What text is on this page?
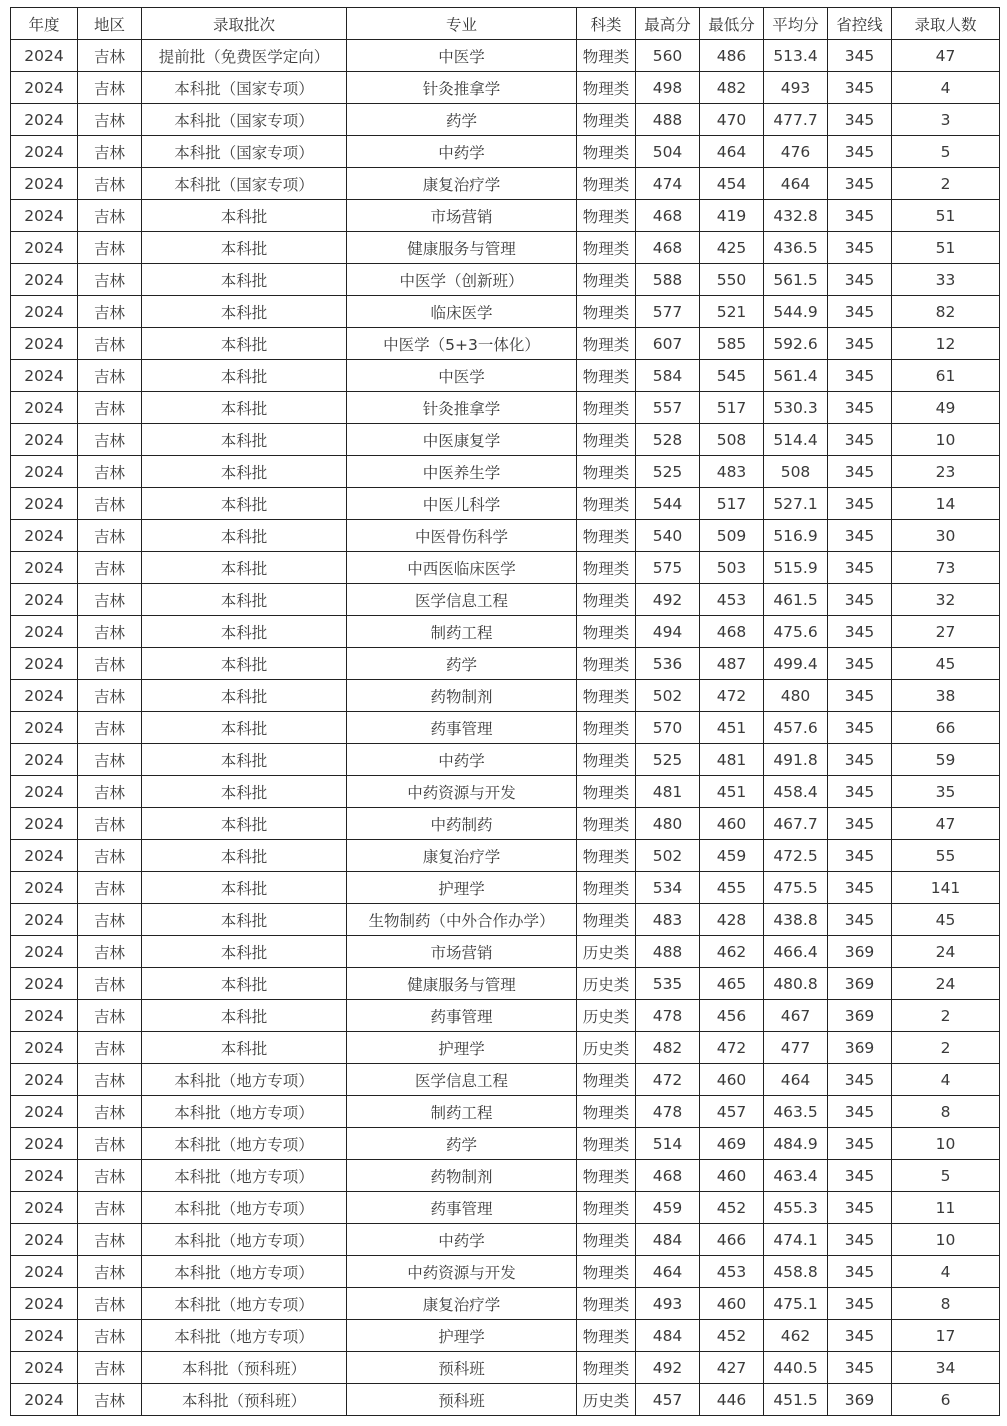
年度	地区	录取批次	专业	科类	最高分	最低分	平均分	省控线	录取人数
2024	吉林	提前批（免费医学定向）	中医学	物理类	560	486	513.4	345	47
2024	吉林	本科批（国家专项）	针灸推拿学	物理类	498	482	493	345	4
2024	吉林	本科批（国家专项）	药学	物理类	488	470	477.7	345	3
2024	吉林	本科批（国家专项）	中药学	物理类	504	464	476	345	5
2024	吉林	本科批（国家专项）	康复治疗学	物理类	474	454	464	345	2
2024	吉林	本科批	市场营销	物理类	468	419	432.8	345	51
2024	吉林	本科批	健康服务与管理	物理类	468	425	436.5	345	51
2024	吉林	本科批	中医学（创新班）	物理类	588	550	561.5	345	33
2024	吉林	本科批	临床医学	物理类	577	521	544.9	345	82
2024	吉林	本科批	中医学（5+3一体化）	物理类	607	585	592.6	345	12
2024	吉林	本科批	中医学	物理类	584	545	561.4	345	61
2024	吉林	本科批	针灸推拿学	物理类	557	517	530.3	345	49
2024	吉林	本科批	中医康复学	物理类	528	508	514.4	345	10
2024	吉林	本科批	中医养生学	物理类	525	483	508	345	23
2024	吉林	本科批	中医儿科学	物理类	544	517	527.1	345	14
2024	吉林	本科批	中医骨伤科学	物理类	540	509	516.9	345	30
2024	吉林	本科批	中西医临床医学	物理类	575	503	515.9	345	73
2024	吉林	本科批	医学信息工程	物理类	492	453	461.5	345	32
2024	吉林	本科批	制药工程	物理类	494	468	475.6	345	27
2024	吉林	本科批	药学	物理类	536	487	499.4	345	45
2024	吉林	本科批	药物制剂	物理类	502	472	480	345	38
2024	吉林	本科批	药事管理	物理类	570	451	457.6	345	66
2024	吉林	本科批	中药学	物理类	525	481	491.8	345	59
2024	吉林	本科批	中药资源与开发	物理类	481	451	458.4	345	35
2024	吉林	本科批	中药制药	物理类	480	460	467.7	345	47
2024	吉林	本科批	康复治疗学	物理类	502	459	472.5	345	55
2024	吉林	本科批	护理学	物理类	534	455	475.5	345	141
2024	吉林	本科批	生物制药（中外合作办学）	物理类	483	428	438.8	345	45
2024	吉林	本科批	市场营销	历史类	488	462	466.4	369	24
2024	吉林	本科批	健康服务与管理	历史类	535	465	480.8	369	24
2024	吉林	本科批	药事管理	历史类	478	456	467	369	2
2024	吉林	本科批	护理学	历史类	482	472	477	369	2
2024	吉林	本科批（地方专项）	医学信息工程	物理类	472	460	464	345	4
2024	吉林	本科批（地方专项）	制药工程	物理类	478	457	463.5	345	8
2024	吉林	本科批（地方专项）	药学	物理类	514	469	484.9	345	10
2024	吉林	本科批（地方专项）	药物制剂	物理类	468	460	463.4	345	5
2024	吉林	本科批（地方专项）	药事管理	物理类	459	452	455.3	345	11
2024	吉林	本科批（地方专项）	中药学	物理类	484	466	474.1	345	10
2024	吉林	本科批（地方专项）	中药资源与开发	物理类	464	453	458.8	345	4
2024	吉林	本科批（地方专项）	康复治疗学	物理类	493	460	475.1	345	8
2024	吉林	本科批（地方专项）	护理学	物理类	484	452	462	345	17
2024	吉林	本科批（预科班）	预科班	物理类	492	427	440.5	345	34
2024	吉林	本科批（预科班）	预科班	历史类	457	446	451.5	369	6
